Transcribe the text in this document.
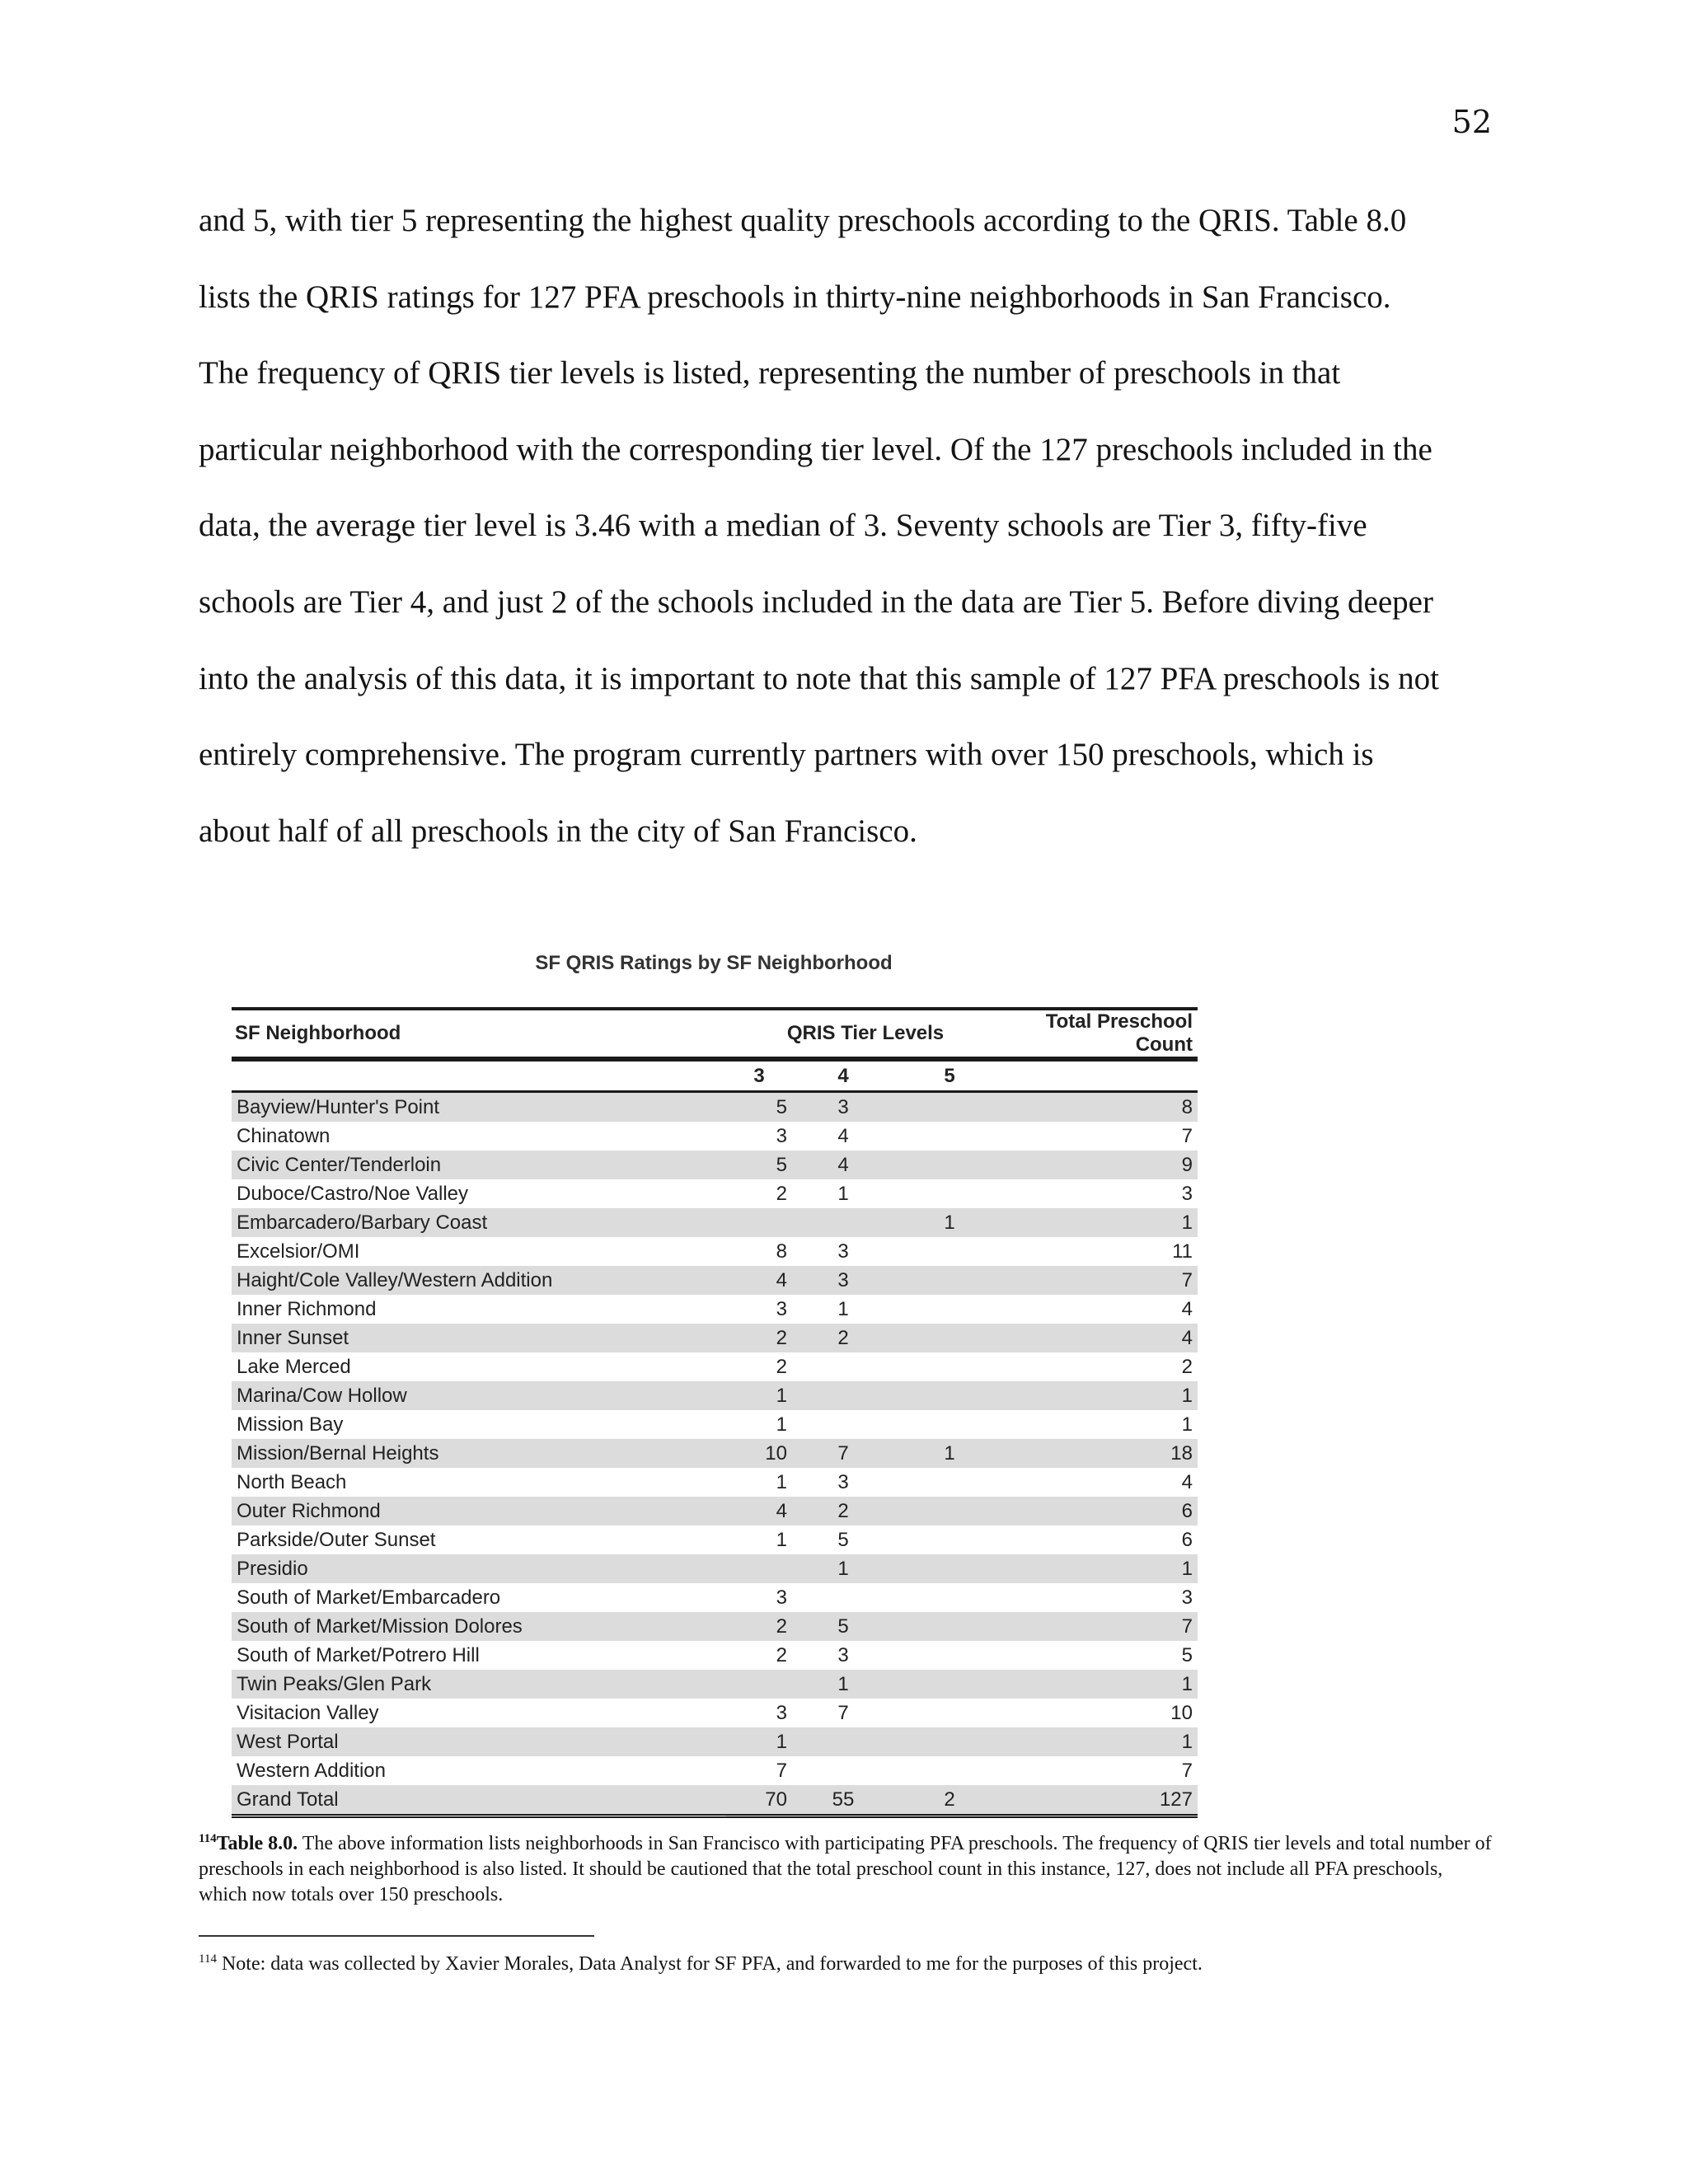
52

and 5, with tier 5 representing the highest quality preschools according to the QRIS. Table 8.0
lists the QRIS ratings for 127 PFA preschools in thirty-nine neighborhoods in San Francisco.
The frequency of QRIS tier levels is listed, representing the number of preschools in that
particular neighborhood with the corresponding tier level. Of the 127 preschools included in the
data, the average tier level is 3.46 with a median of 3. Seventy schools are Tier 3, fifty-five
schools are Tier 4, and just 2 of the schools included in the data are Tier 5. Before diving deeper
into the analysis of this data, it is important to note that this sample of 127 PFA preschools is not
entirely comprehensive. The program currently partners with over 150 preschools, which is
about half of all preschools in the city of San Francisco.

SF QRIS Ratings by SF Neighborhood

SF Neighborhood	QRIS Tier Levels			Total Preschool Count
	3	4	5	
Bayview/Hunter's Point	5	3		8
Chinatown	3	4		7
Civic Center/Tenderloin	5	4		9
Duboce/Castro/Noe Valley	2	1		3
Embarcadero/Barbary Coast			1	1
Excelsior/OMI	8	3		11
Haight/Cole Valley/Western Addition	4	3		7
Inner Richmond	3	1		4
Inner Sunset	2	2		4
Lake Merced	2			2
Marina/Cow Hollow	1			1
Mission Bay	1			1
Mission/Bernal Heights	10	7	1	18
North Beach	1	3		4
Outer Richmond	4	2		6
Parkside/Outer Sunset	1	5		6
Presidio		1		1
South of Market/Embarcadero	3			3
South of Market/Mission Dolores	2	5		7
South of Market/Potrero Hill	2	3		5
Twin Peaks/Glen Park		1		1
Visitacion Valley	3	7		10
West Portal	1			1
Western Addition	7			7
Grand Total	70	55	2	127

$^{114}$Table 8.0. The above information lists neighborhoods in San Francisco with participating PFA preschools. The frequency of QRIS tier levels and total number of preschools in each neighborhood is also listed. It should be cautioned that the total preschool count in this instance, 127, does not include all PFA preschools, which now totals over 150 preschools.

$^{114}$ Note: data was collected by Xavier Morales, Data Analyst for SF PFA, and forwarded to me for the purposes of this project.
